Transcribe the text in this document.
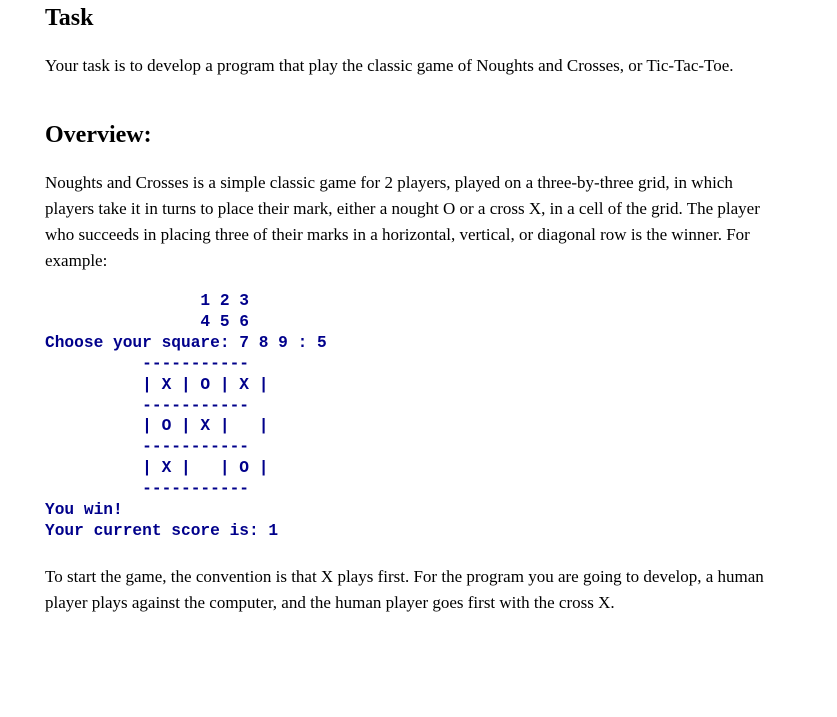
Task

Your task is to develop a program that play the classic game of Noughts and Crosses, or Tic-Tac-Toe.

Overview:

Noughts and Crosses is a simple classic game for 2 players, played on a three-by-three grid, in which players take it in turns to place their mark, either a nought O or a cross X, in a cell of the grid. The player who succeeds in placing three of their marks in a horizontal, vertical, or diagonal row is the winner. For example:

1 2 3
4 5 6
Choose your square: 7 8 9 : 5
-----------
| X | O | X |
-----------
| O | X |   |
-----------
| X |   | O |
-----------
You win!
Your current score is: 1

To start the game, the convention is that X plays first. For the program you are going to develop, a human player plays against the computer, and the human player goes first with the cross X.
